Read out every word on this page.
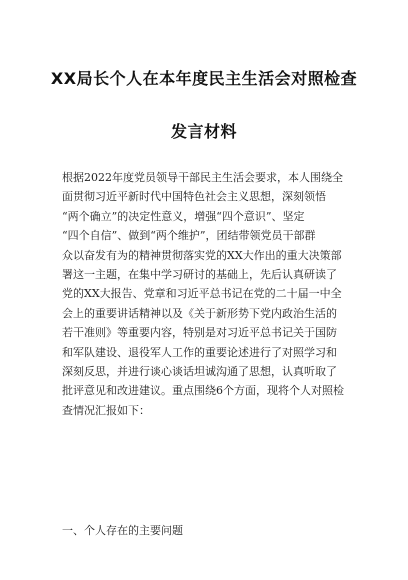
XX局长个人在本年度民主生活会对照检查
发言材料
根据2022年度党员领导干部民主生活会要求，本人围绕全
面贯彻习近平新时代中国特色社会主义思想，深刻领悟
“两个确立”的决定性意义，增强“四个意识”、坚定
“四个自信”、做到“两个维护”，团结带领党员干部群
众以奋发有为的精神贯彻落实党的XX大作出的重大决策部
署这一主题，在集中学习研讨的基础上，先后认真研读了
党的XX大报告、党章和习近平总书记在党的二十届一中全
会上的重要讲话精神以及《关于新形势下党内政治生活的
若干准则》等重要内容，特别是对习近平总书记关于国防
和军队建设、退役军人工作的重要论述进行了对照学习和
深刻反思，并进行谈心谈话坦诚沟通了思想，认真听取了
批评意见和改进建议。重点围绕6个方面，现将个人对照检
查情况汇报如下：
一、个人存在的主要问题
